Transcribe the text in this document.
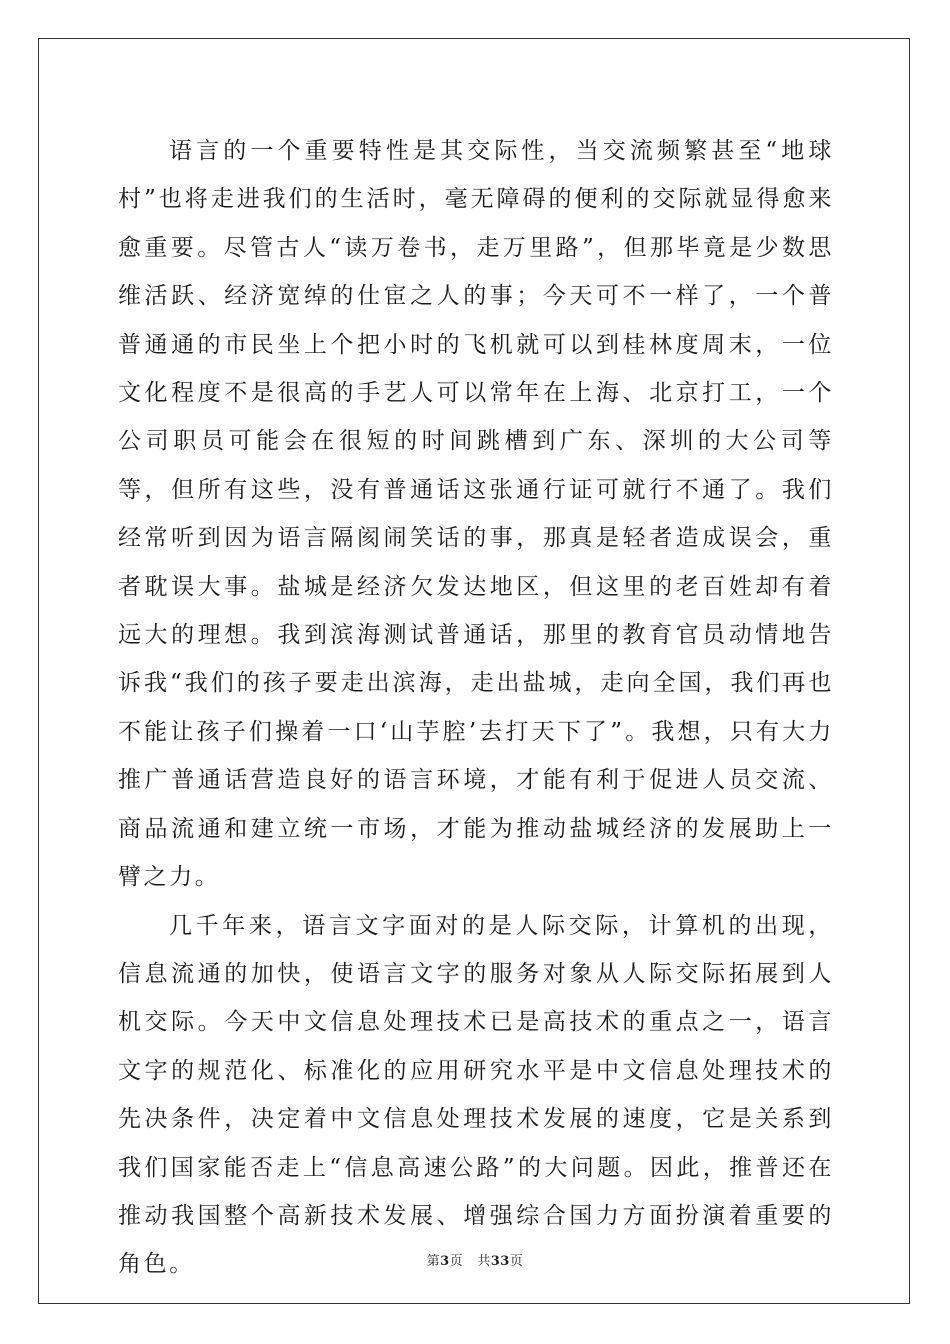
语言的一个重要特性是其交际性，当交流频繁甚至“地球村”也将走进我们的生活时，毫无障碍的便利的交际就显得愈来愈重要。尽管古人“读万卷书，走万里路”，但那毕竟是少数思维活跃、经济宽绰的仕宦之人的事；今天可不一样了，一个普普通通的市民坐上个把小时的飞机就可以到桂林度周末，一位文化程度不是很高的手艺人可以常年在上海、北京打工，一个公司职员可能会在很短的时间跳槽到广东、深圳的大公司等等，但所有这些，没有普通话这张通行证可就行不通了。我们经常听到因为语言隔阂闹笑话的事，那真是轻者造成误会，重者耽误大事。盐城是经济欠发达地区，但这里的老百姓却有着远大的理想。我到滨海测试普通话，那里的教育官员动情地告诉我“我们的孩子要走出滨海，走出盐城，走向全国，我们再也不能让孩子们操着一口‘山芋腔’去打天下了”。我想，只有大力推广普通话营造良好的语言环境，才能有利于促进人员交流、商品流通和建立统一市场，才能为推动盐城经济的发展助上一臂之力。

几千年来，语言文字面对的是人际交际，计算机的出现，信息流通的加快，使语言文字的服务对象从人际交际拓展到人机交际。今天中文信息处理技术已是高技术的重点之一，语言文字的规范化、标准化的应用研究水平是中文信息处理技术的先决条件，决定着中文信息处理技术发展的速度，它是关系到我们国家能否走上“信息高速公路”的大问题。因此，推普还在推动我国整个高新技术发展、增强综合国力方面扮演着重要的角色。	第3页 共33页
